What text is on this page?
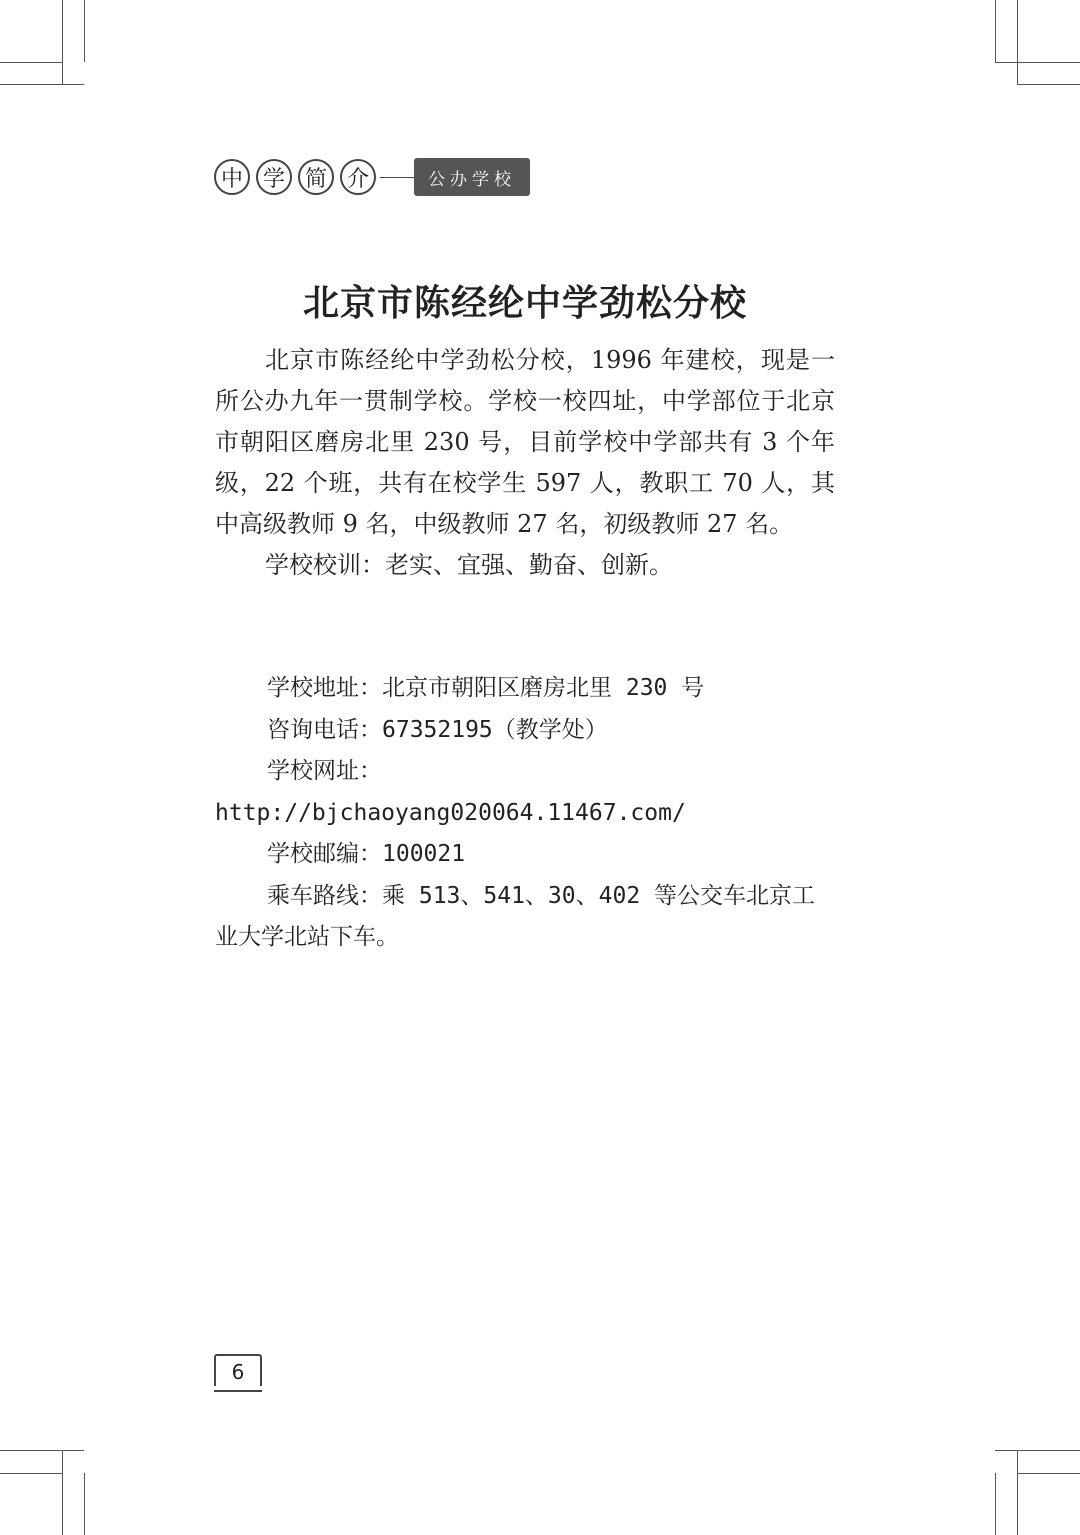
中 学 简 介	公办学校
北京市陈经纶中学劲松分校

北京市陈经纶中学劲松分校，1996 年建校，现是一所公办九年一贯制学校。学校一校四址，中学部位于北京市朝阳区磨房北里 230 号，目前学校中学部共有 3 个年级，22 个班，共有在校学生 597 人，教职工 70 人，其中高级教师 9 名，中级教师 27 名，初级教师 27 名。

学校校训：老实、宜强、勤奋、创新。

学校地址：北京市朝阳区磨房北里 230 号

咨询电话：67352195（教学处）

学校网址：http://bjchaoyang020064.11467.com/

学校邮编：100021

乘车路线：乘 513、541、30、402 等公交车北京工业大学北站下车。

6
